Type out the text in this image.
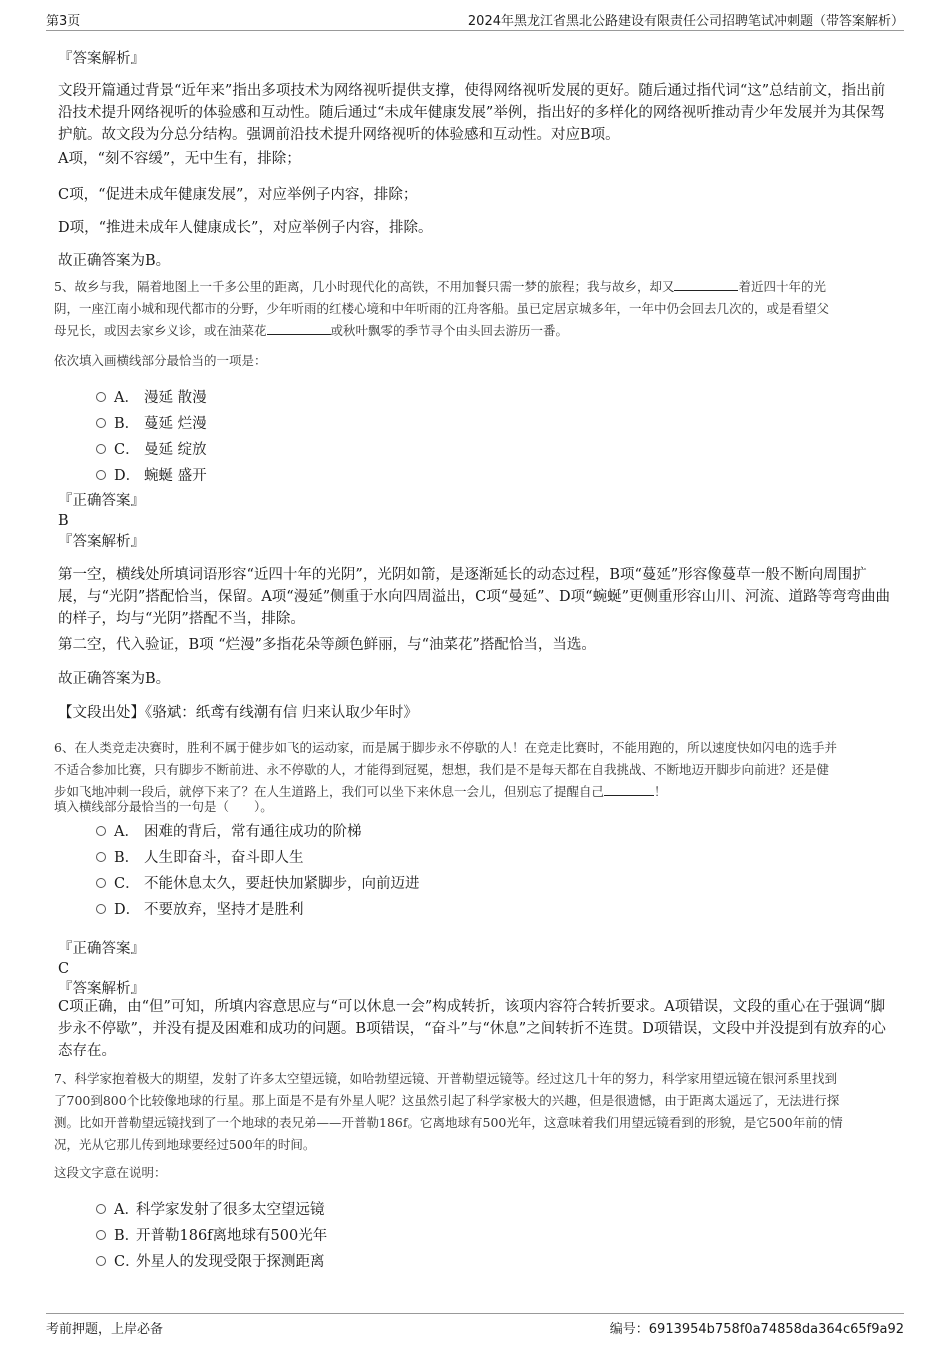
第3页	2024年黑龙江省黑北公路建设有限责任公司招聘笔试冲刺题（带答案解析）
『答案解析』
文段开篇通过背景“近年来”指出多项技术为网络视听提供支撑，使得网络视听发展的更好。随后通过指代词“这”总结前文，指出前沿技术提升网络视听的体验感和互动性。随后通过“未成年健康发展”举例，指出好的多样化的网络视听推动青少年发展并为其保驾护航。故文段为分总分结构。强调前沿技术提升网络视听的体验感和互动性。对应B项。
A项，“刻不容缓”，无中生有，排除；
C项，“促进未成年健康发展”，对应举例子内容，排除；
D项，“推进未成年人健康成长”，对应举例子内容，排除。
故正确答案为B。
5、故乡与我，隔着地图上一千多公里的距离，几小时现代化的高铁，不用加餐只需一梦的旅程；我与故乡，却又	着近四十年的光
阴，一座江南小城和现代都市的分野，少年听雨的红楼心境和中年听雨的江舟客船。虽已定居京城多年，一年中仍会回去几次的，或是看望父
母兄长，或因去家乡义诊，或在油菜花	或秋叶飘零的季节寻个由头回去游历一番。
依次填入画横线部分最恰当的一项是：
A． 漫延 散漫
B． 蔓延 烂漫
C． 曼延 绽放
D． 蜿蜒 盛开
『正确答案』
B
『答案解析』
第一空，横线处所填词语形容“近四十年的光阴”，光阴如箭，是逐渐延长的动态过程，B项“蔓延”形容像蔓草一般不断向周围扩展，与“光阴”搭配恰当，保留。A项“漫延”侧重于水向四周溢出，C项“曼延”、D项“蜿蜒”更侧重形容山川、河流、道路等弯弯曲曲的样子，均与“光阴”搭配不当，排除。
第二空，代入验证，B项 “烂漫”多指花朵等颜色鲜丽，与“油菜花”搭配恰当，当选。
故正确答案为B。
【文段出处】《骆斌：纸鸢有线潮有信 归来认取少年时》
6、在人类竞走决赛时，胜利不属于健步如飞的运动家，而是属于脚步永不停歇的人！在竞走比赛时，不能用跑的，所以速度快如闪电的选手并
不适合参加比赛，只有脚步不断前进、永不停歇的人，才能得到冠冕，想想，我们是不是每天都在自我挑战、不断地迈开脚步向前进？还是健
步如飞地冲刺一段后，就停下来了？在人生道路上，我们可以坐下来休息一会儿，但别忘了提醒自己	！
填入横线部分最恰当的一句是（　　）。
A． 困难的背后，常有通往成功的阶梯
B． 人生即奋斗，奋斗即人生
C． 不能休息太久，要赶快加紧脚步，向前迈进
D． 不要放弃，坚持才是胜利
『正确答案』
C
『答案解析』
C项正确，由“但”可知，所填内容意思应与“可以休息一会”构成转折，该项内容符合转折要求。A项错误，文段的重心在于强调“脚步永不停歇”，并没有提及困难和成功的问题。B项错误，“奋斗”与“休息”之间转折不连贯。D项错误，文段中并没提到有放弃的心态存在。
7、科学家抱着极大的期望，发射了许多太空望远镜，如哈勃望远镜、开普勒望远镜等。经过这几十年的努力，科学家用望远镜在银河系里找到
了700到800个比较像地球的行星。那上面是不是有外星人呢？这虽然引起了科学家极大的兴趣，但是很遗憾，由于距离太遥远了，无法进行探
测。比如开普勒望远镜找到了一个地球的表兄弟——开普勒186f。它离地球有500光年，这意味着我们用望远镜看到的形貌，是它500年前的情
况，光从它那儿传到地球要经过500年的时间。
这段文字意在说明：
A．
科学家发射了很多太空望远镜
B．
开普勒186f离地球有500光年
C．
外星人的发现受限于探测距离
考前押题，上岸必备	编号：6913954b758f0a74858da364c65f9a92
